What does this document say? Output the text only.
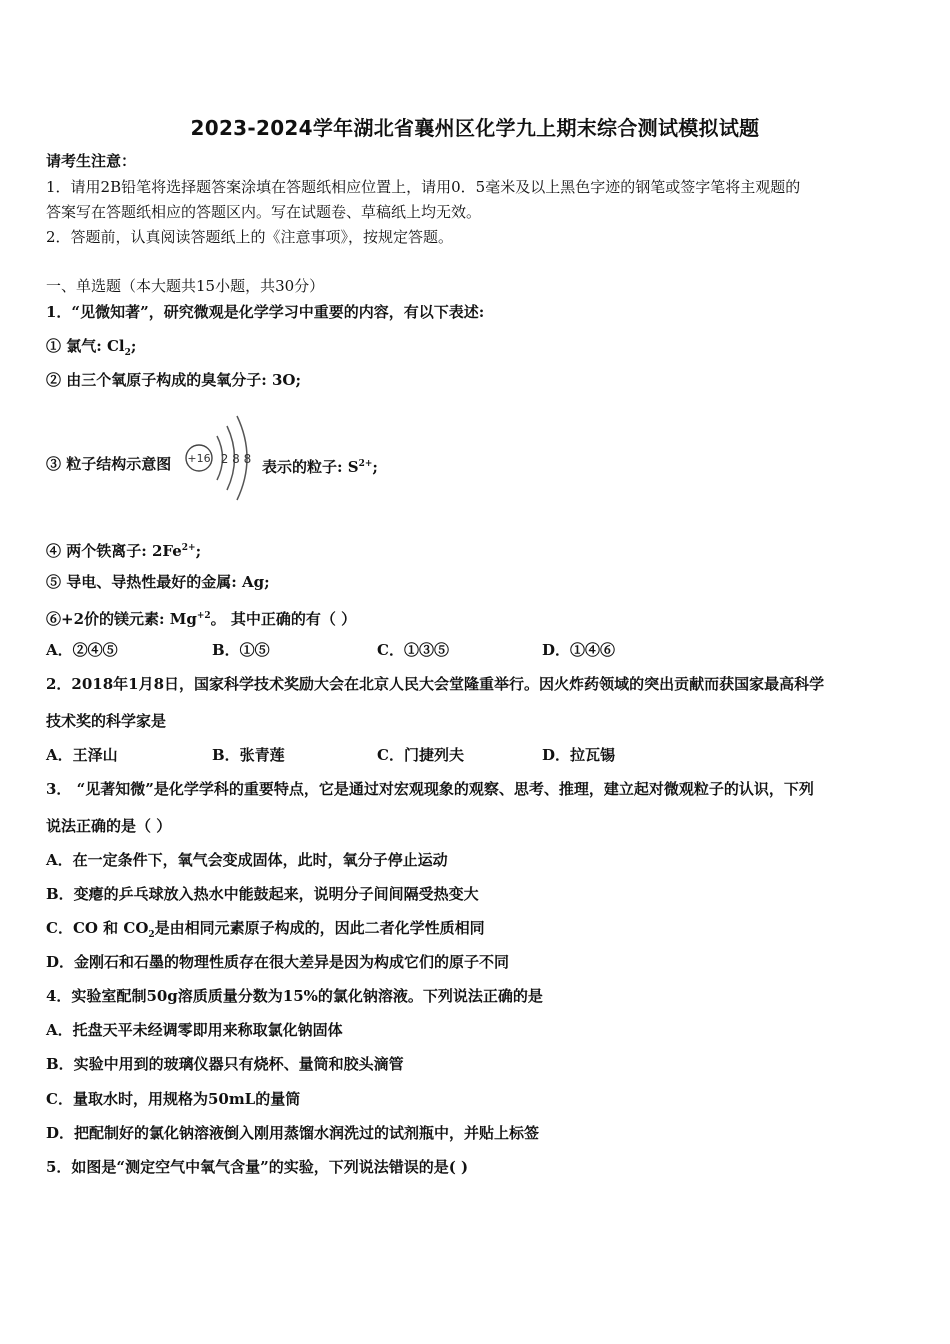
2023-2024学年湖北省襄州区化学九上期末综合测试模拟试题
请考生注意：
1．请用2B铅笔将选择题答案涂填在答题纸相应位置上，请用0．5毫米及以上黑色字迹的钢笔或签字笔将主观题的
答案写在答题纸相应的答题区内。写在试题卷、草稿纸上均无效。
2．答题前，认真阅读答题纸上的《注意事项》，按规定答题。
一、单选题（本大题共15小题，共30分）
1．“见微知著”，研究微观是化学学习中重要的内容，有以下表述:
① 氯气: $Cl_2$;
② 由三个氧原子构成的臭氧分子: 3O;
③ 粒子结构示意图 +16 2 8 8 表示的粒子: $S^{2+}$;
④ 两个铁离子: $2Fe^{2+}$;
⑤ 导电、导热性最好的金属: Ag;
⑥+2价的镁元素: $Mg^{+2}$。 其中正确的有（ ）
A．②④⑤	B．①⑤	C．①③⑤	D．①④⑥
2．2018年1月8日，国家科学技术奖励大会在北京人民大会堂隆重举行。因火炸药领域的突出贡献而获国家最高科学
技术奖的科学家是
A．王泽山	B．张青莲	C．门捷列夫	D．拉瓦锡
3． “见著知微”是化学学科的重要特点，它是通过对宏观现象的观察、思考、推理，建立起对微观粒子的认识，下列
说法正确的是（ ）
A．在一定条件下，氧气会变成固体，此时，氧分子停止运动
B．变瘪的乒乓球放入热水中能鼓起来，说明分子间间隔受热变大
C．CO 和 $CO_2$是由相同元素原子构成的，因此二者化学性质相同
D．金刚石和石墨的物理性质存在很大差异是因为构成它们的原子不同
4．实验室配制50g溶质质量分数为15%的氯化钠溶液。下列说法正确的是
A．托盘天平未经调零即用来称取氯化钠固体
B．实验中用到的玻璃仪器只有烧杯、量筒和胶头滴管
C．量取水时，用规格为50mL的量筒
D．把配制好的氯化钠溶液倒入刚用蒸馏水润洗过的试剂瓶中，并贴上标签
5．如图是“测定空气中氧气含量”的实验，下列说法错误的是( )
